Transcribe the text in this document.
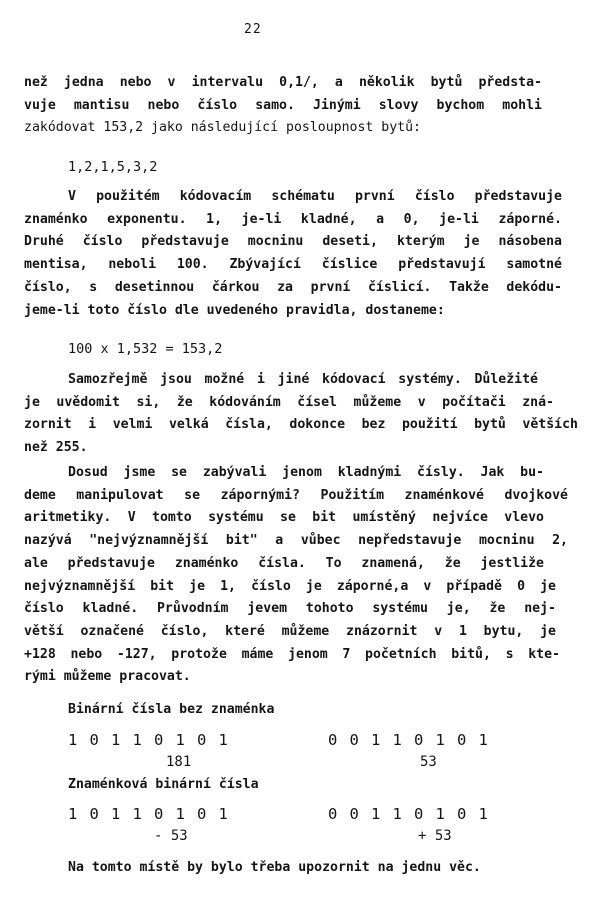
22
než jedna nebo v intervalu 0,1/, a několik bytů předsta-
vuje mantisu nebo číslo samo. Jinými slovy bychom mohli
zakódovat 153,2 jako následující posloupnost bytů:
1,2,1,5,3,2
V použitém kódovacím schématu první číslo představuje
znaménko exponentu. 1, je-li kladné, a 0, je-li záporné.
Druhé číslo představuje mocninu deseti, kterým je násobena
mentisa, neboli 100. Zbývající číslice představují samotné
číslo, s desetinnou čárkou za první číslicí. Takže dekódu-
jeme-li toto číslo dle uvedeného pravidla, dostaneme:
100 x 1,532 = 153,2
Samozřejmě jsou možné i jiné kódovací systémy. Důležité
je uvědomit si, že kódováním čísel můžeme v počítači zná-
zornit i velmi velká čísla, dokonce bez použití bytů větších
než 255.
Dosud jsme se zabývali jenom kladnými čísly. Jak bu-
deme manipulovat se zápornými? Použitím znaménkové dvojkové
aritmetiky. V tomto systému se bit umístěný nejvíce vlevo
nazývá "nejvýznamnější bit" a vůbec nepředstavuje mocninu 2,
ale představuje znaménko čísla. To znamená, že jestliže
nejvýznamnější bit je 1, číslo je záporné,a v případě 0 je
číslo kladné. Průvodním jevem tohoto systému je, že nej-
větší označené číslo, které můžeme znázornit v 1 bytu, je
+128 nebo -127, protože máme jenom 7 početních bitů, s kte-
rými můžeme pracovat.
Binární čísla bez znaménka
1 0 1 1 0 1 0 1	0 0 1 1 0 1 0 1
181	53
Znaménková binární čísla
1 0 1 1 0 1 0 1	0 0 1 1 0 1 0 1
- 53	+ 53
Na tomto místě by bylo třeba upozornit na jednu věc.
